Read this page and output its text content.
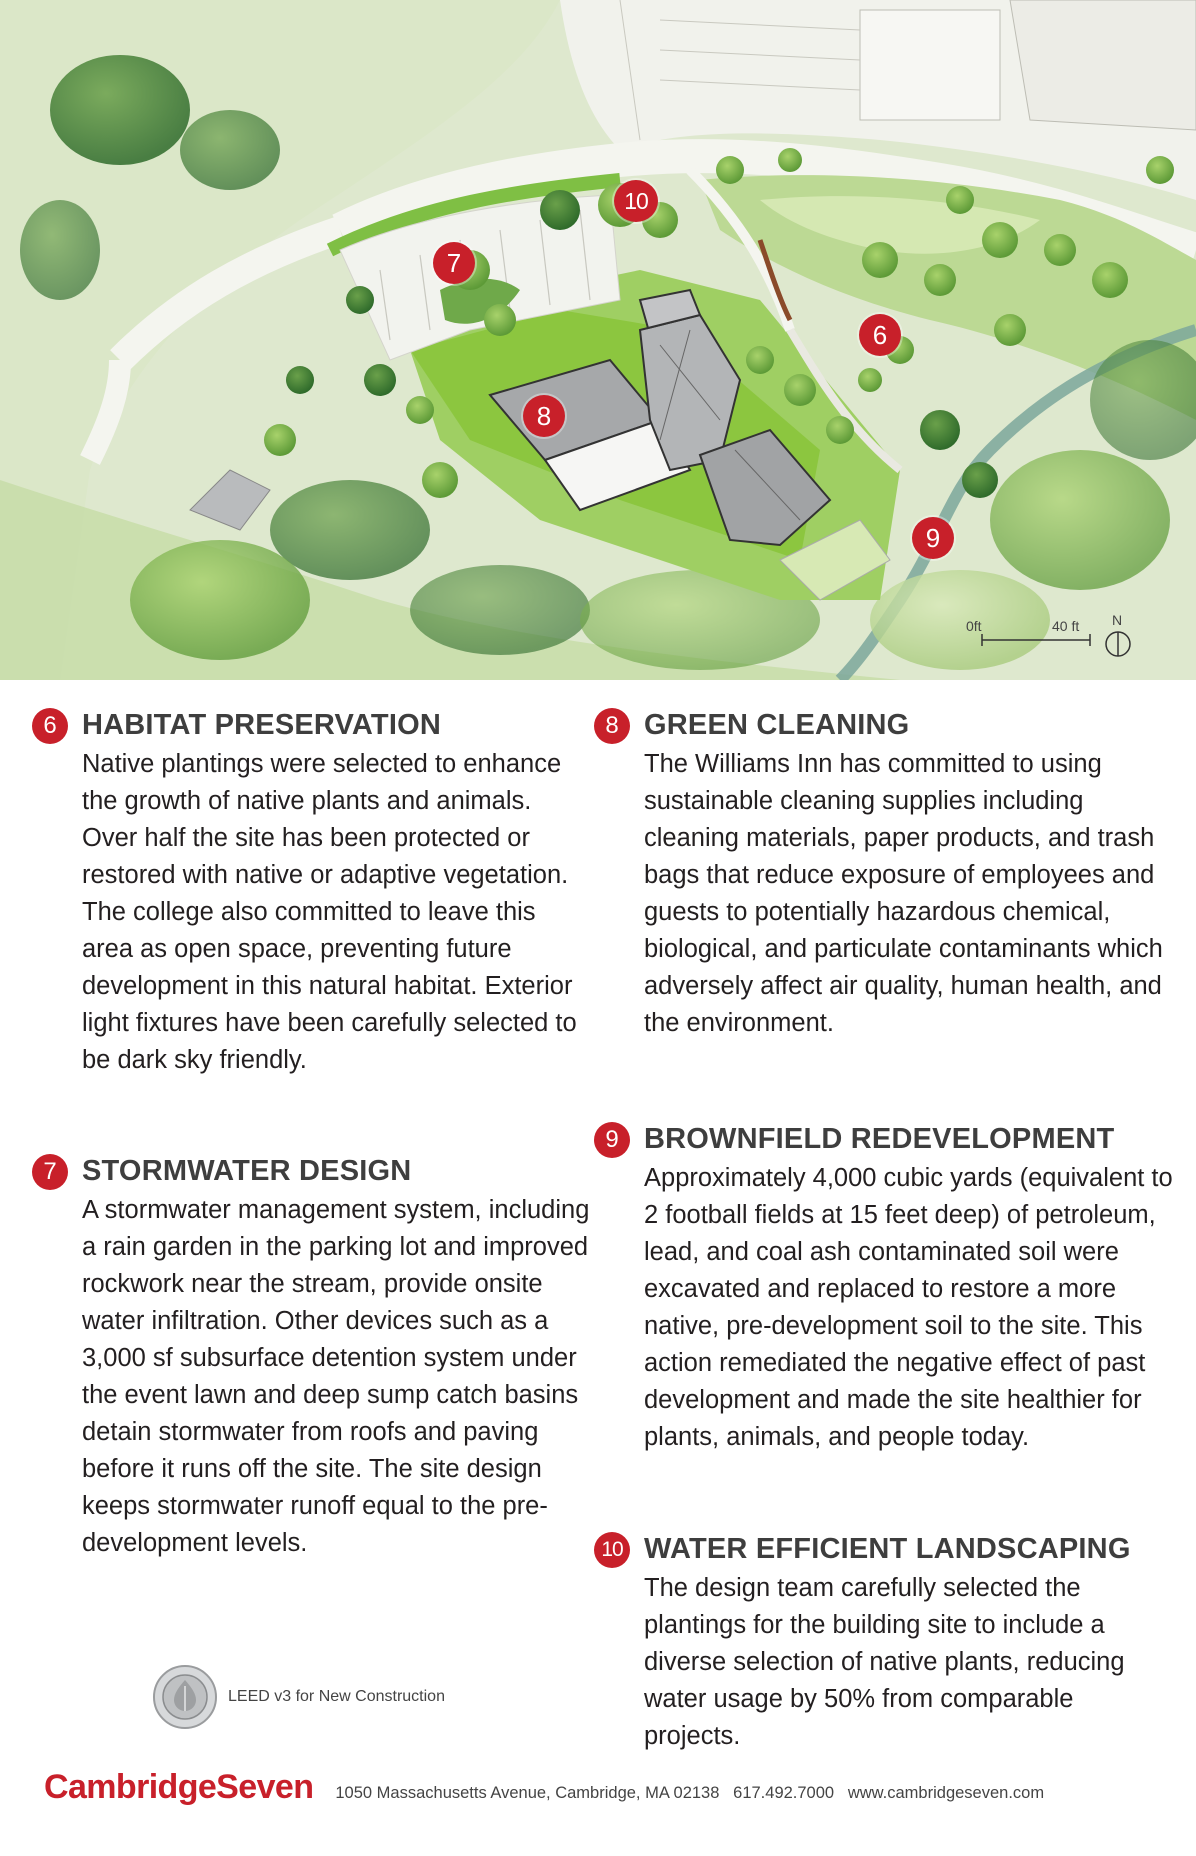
10
7
6
8
9
0ft	40 ft N
6 HABITAT PRESERVATION

Native plantings were selected to enhance the growth of native plants and animals. Over half the site has been protected or restored with native or adaptive vegetation. The college also committed to leave this area as open space, preventing future development in this natural habitat. Exterior light fixtures have been carefully selected to be dark sky friendly.

7 STORMWATER DESIGN

A stormwater management system, including a rain garden in the parking lot and improved rockwork near the stream, provide onsite water infiltration. Other devices such as a 3,000 sf subsurface detention system under the event lawn and deep sump catch basins detain stormwater from roofs and paving before it runs off the site. The site design keeps stormwater runoff equal to the pre-development levels.

8 GREEN CLEANING

The Williams Inn has committed to using sustainable cleaning supplies including cleaning materials, paper products, and trash bags that reduce exposure of employees and guests to potentially hazardous chemical, biological, and particulate contaminants which adversely affect air quality, human health, and the environment.

9 BROWNFIELD REDEVELOPMENT

Approximately 4,000 cubic yards (equivalent to 2 football fields at 15 feet deep) of petroleum, lead, and coal ash contaminated soil were excavated and replaced to restore a more native, pre-development soil to the site. This action remediated the negative effect of past development and made the site healthier for plants, animals, and people today.

10 WATER EFFICIENT LANDSCAPING

The design team carefully selected the plantings for the building site to include a diverse selection of native plants, reducing water usage by 50% from comparable projects.

LEED v3 for New Construction
CambridgeSeven 1050 Massachusetts Avenue, Cambridge, MA 02138   617.492.7000   www.cambridgeseven.com
